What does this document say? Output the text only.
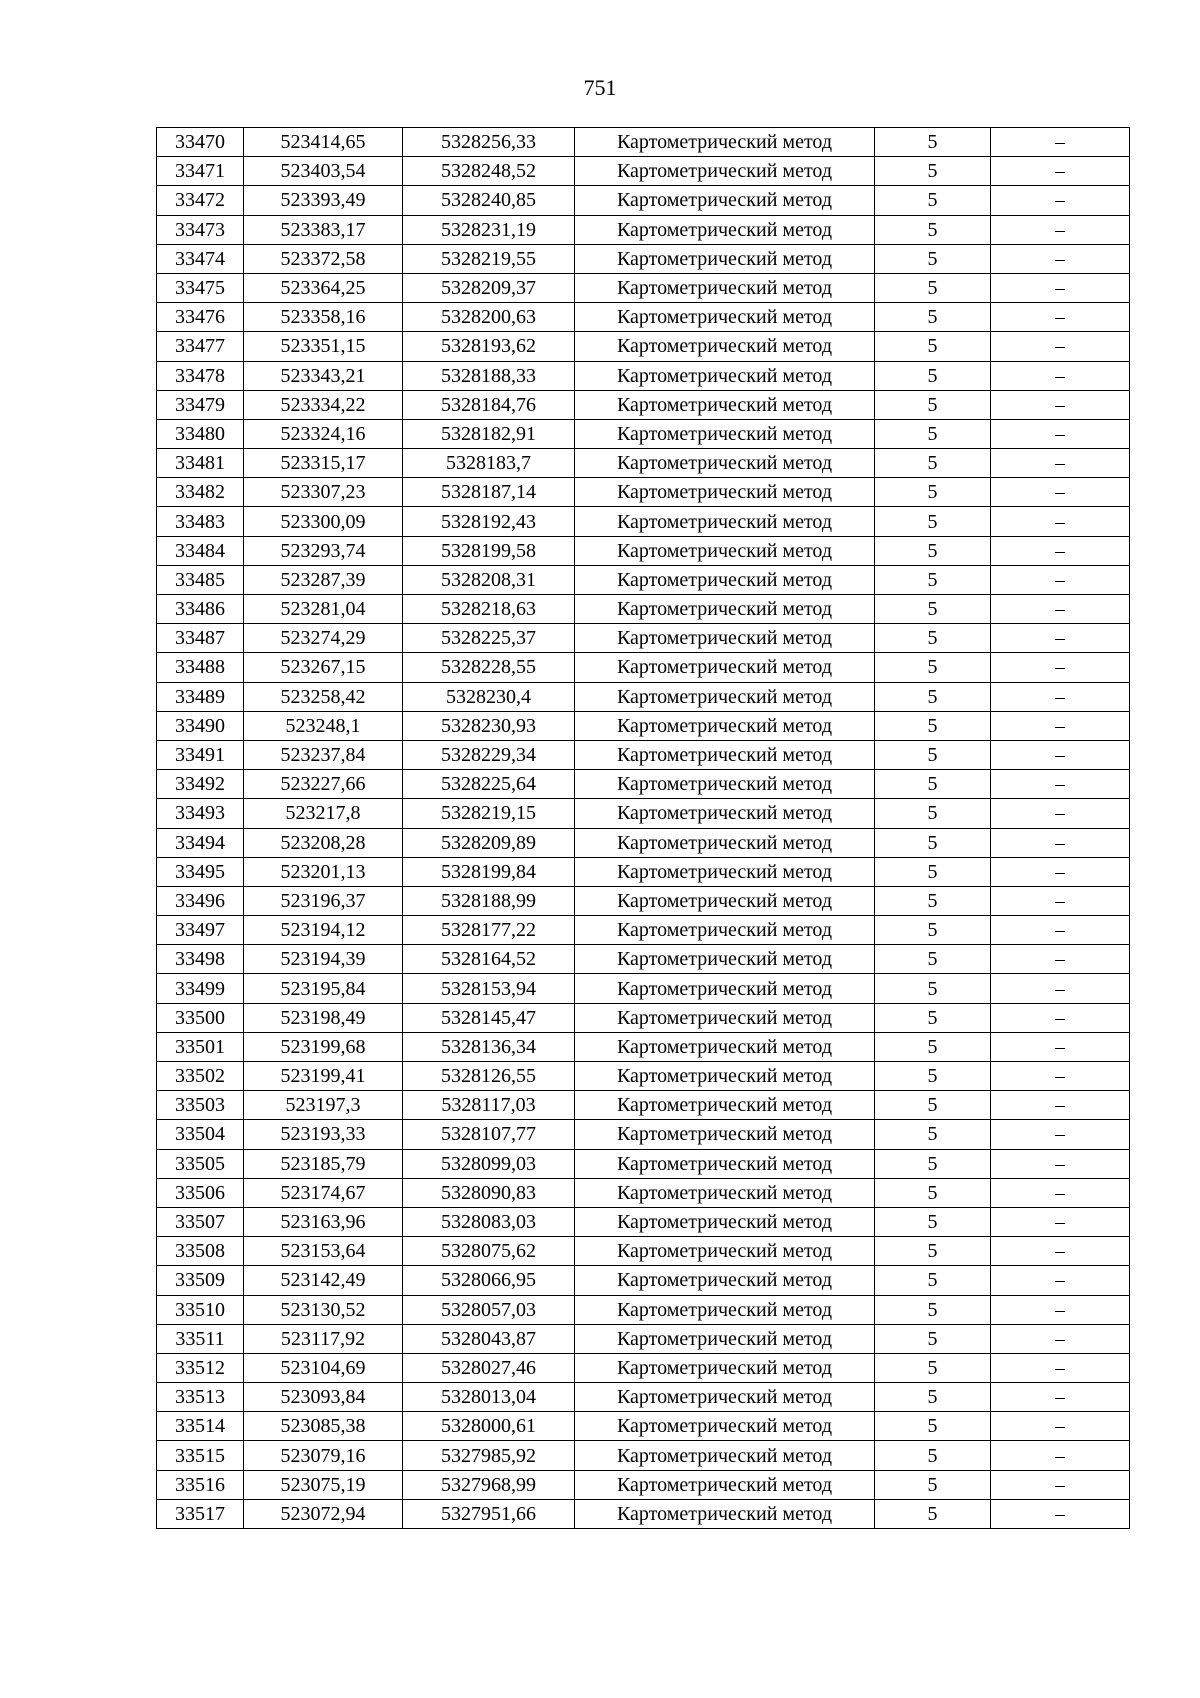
751
33470	523414,65	5328256,33	Картометрический метод	5	–
33471	523403,54	5328248,52	Картометрический метод	5	–
33472	523393,49	5328240,85	Картометрический метод	5	–
33473	523383,17	5328231,19	Картометрический метод	5	–
33474	523372,58	5328219,55	Картометрический метод	5	–
33475	523364,25	5328209,37	Картометрический метод	5	–
33476	523358,16	5328200,63	Картометрический метод	5	–
33477	523351,15	5328193,62	Картометрический метод	5	–
33478	523343,21	5328188,33	Картометрический метод	5	–
33479	523334,22	5328184,76	Картометрический метод	5	–
33480	523324,16	5328182,91	Картометрический метод	5	–
33481	523315,17	5328183,7	Картометрический метод	5	–
33482	523307,23	5328187,14	Картометрический метод	5	–
33483	523300,09	5328192,43	Картометрический метод	5	–
33484	523293,74	5328199,58	Картометрический метод	5	–
33485	523287,39	5328208,31	Картометрический метод	5	–
33486	523281,04	5328218,63	Картометрический метод	5	–
33487	523274,29	5328225,37	Картометрический метод	5	–
33488	523267,15	5328228,55	Картометрический метод	5	–
33489	523258,42	5328230,4	Картометрический метод	5	–
33490	523248,1	5328230,93	Картометрический метод	5	–
33491	523237,84	5328229,34	Картометрический метод	5	–
33492	523227,66	5328225,64	Картометрический метод	5	–
33493	523217,8	5328219,15	Картометрический метод	5	–
33494	523208,28	5328209,89	Картометрический метод	5	–
33495	523201,13	5328199,84	Картометрический метод	5	–
33496	523196,37	5328188,99	Картометрический метод	5	–
33497	523194,12	5328177,22	Картометрический метод	5	–
33498	523194,39	5328164,52	Картометрический метод	5	–
33499	523195,84	5328153,94	Картометрический метод	5	–
33500	523198,49	5328145,47	Картометрический метод	5	–
33501	523199,68	5328136,34	Картометрический метод	5	–
33502	523199,41	5328126,55	Картометрический метод	5	–
33503	523197,3	5328117,03	Картометрический метод	5	–
33504	523193,33	5328107,77	Картометрический метод	5	–
33505	523185,79	5328099,03	Картометрический метод	5	–
33506	523174,67	5328090,83	Картометрический метод	5	–
33507	523163,96	5328083,03	Картометрический метод	5	–
33508	523153,64	5328075,62	Картометрический метод	5	–
33509	523142,49	5328066,95	Картометрический метод	5	–
33510	523130,52	5328057,03	Картометрический метод	5	–
33511	523117,92	5328043,87	Картометрический метод	5	–
33512	523104,69	5328027,46	Картометрический метод	5	–
33513	523093,84	5328013,04	Картометрический метод	5	–
33514	523085,38	5328000,61	Картометрический метод	5	–
33515	523079,16	5327985,92	Картометрический метод	5	–
33516	523075,19	5327968,99	Картометрический метод	5	–
33517	523072,94	5327951,66	Картометрический метод	5	–
